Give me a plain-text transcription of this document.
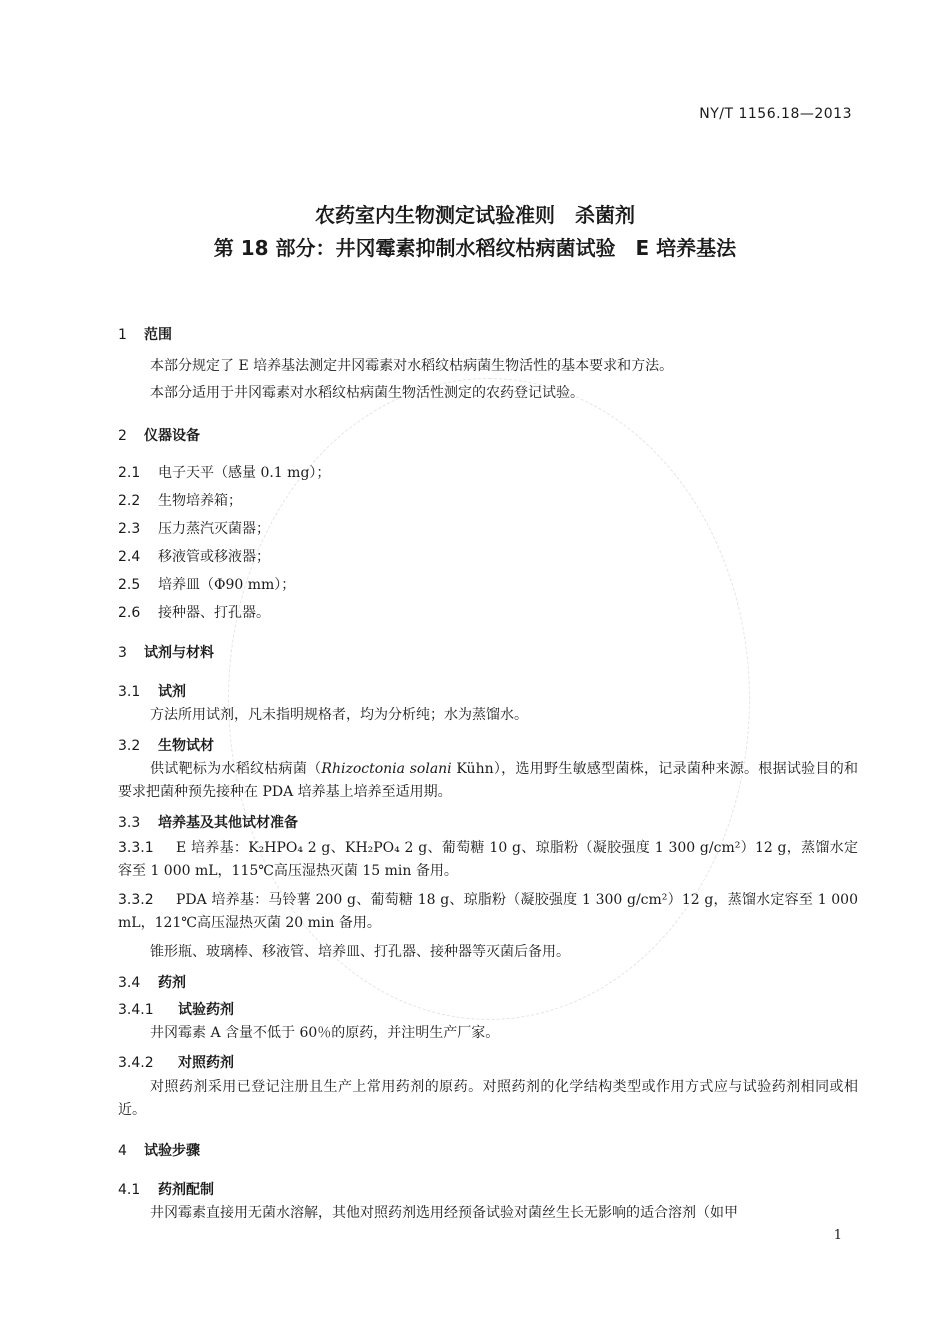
NY/T 1156.18—2013
农药室内生物测定试验准则　杀菌剂
第 18 部分：井冈霉素抑制水稻纹枯病菌试验　E 培养基法
1 范围
本部分规定了 E 培养基法测定井冈霉素对水稻纹枯病菌生物活性的基本要求和方法。
本部分适用于井冈霉素对水稻纹枯病菌生物活性测定的农药登记试验。
2 仪器设备
2.1 电子天平（感量 0.1 mg）；
2.2 生物培养箱；
2.3 压力蒸汽灭菌器；
2.4 移液管或移液器；
2.5 培养皿（Φ90 mm）；
2.6 接种器、打孔器。
3 试剂与材料
3.1 试剂
方法所用试剂，凡未指明规格者，均为分析纯；水为蒸馏水。
3.2 生物试材
供试靶标为水稻纹枯病菌（Rhizoctonia solani Kühn），选用野生敏感型菌株，记录菌种来源。根据试验目的和要求把菌种预先接种在 PDA 培养基上培养至适用期。
3.3 培养基及其他试材准备
3.3.1 E 培养基：K₂HPO₄ 2 g、KH₂PO₄ 2 g、葡萄糖 10 g、琼脂粉（凝胶强度 1 300 g/cm²）12 g，蒸馏水定容至 1 000 mL，115℃高压湿热灭菌 15 min 备用。
3.3.2 PDA 培养基：马铃薯 200 g、葡萄糖 18 g、琼脂粉（凝胶强度 1 300 g/cm²）12 g，蒸馏水定容至 1 000 mL，121℃高压湿热灭菌 20 min 备用。
锥形瓶、玻璃棒、移液管、培养皿、打孔器、接种器等灭菌后备用。
3.4 药剂
3.4.1 试验药剂
井冈霉素 A 含量不低于 60％的原药，并注明生产厂家。
3.4.2 对照药剂
对照药剂采用已登记注册且生产上常用药剂的原药。对照药剂的化学结构类型或作用方式应与试验药剂相同或相近。
4 试验步骤
4.1 药剂配制
井冈霉素直接用无菌水溶解，其他对照药剂选用经预备试验对菌丝生长无影响的适合溶剂（如甲
1
